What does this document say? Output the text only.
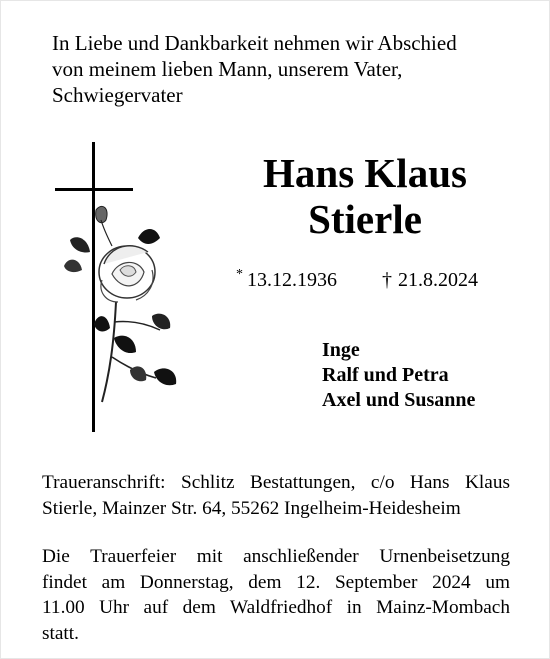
In Liebe und Dankbarkeit nehmen wir Abschied
von meinem lieben Mann, unserem Vater,
Schwiegervater
Hans Klaus
Stierle
* 13.12.1936 † 21.8.2024
Inge
Ralf und Petra
Axel und Susanne
Traueranschrift: Schlitz Bestattungen, c/o Hans Klaus
Stierle, Mainzer Str. 64, 55262 Ingelheim-Heidesheim
Die Trauerfeier mit anschließender Urnenbeisetzung
findet am Donnerstag, dem 12. September 2024 um
11.00 Uhr auf dem Waldfriedhof in Mainz-Mombach
statt.
